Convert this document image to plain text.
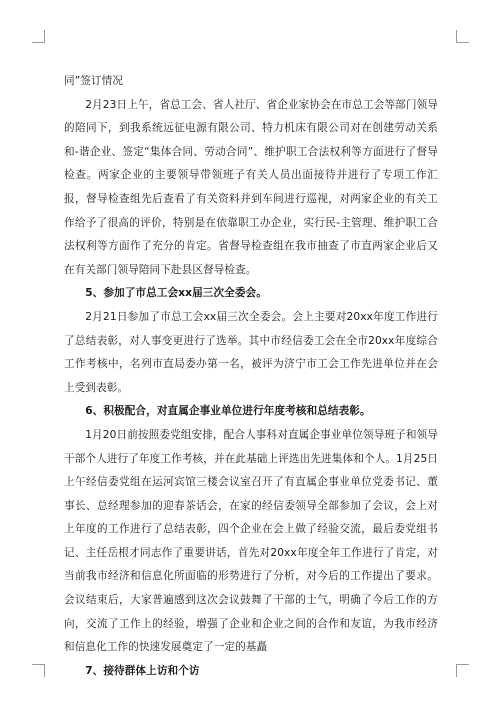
同”签订情况

2月23日上午，省总工会、省人社厅、省企业家协会在市总工会等部门领导的陪同下，到我系统远征电源有限公司、特力机床有限公司对在创建劳动关系和-谐企业、签定“集体合同、劳动合同”、维护职工合法权利等方面进行了督导检查。两家企业的主要领导带领班子有关人员出面接待并进行了专项工作汇报，督导检查组先后查看了有关资料并到车间进行巡视，对两家企业的有关工作给予了很高的评价，特别是在依靠职工办企业，实行民-主管理、维护职工合法权利等方面作了充分的肯定。省督导检查组在我市抽查了市直两家企业后又在有关部门领导陪同下赴县区督导检查。

5、参加了市总工会xx届三次全委会。

2月21日参加了市总工会xx届三次全委会。会上主要对20xx年度工作进行了总结表彰，对人事变更进行了选举。其中市经信委工会在全市20xx年度综合工作考核中，名列市直局委办第一名，被评为济宁市工会工作先进单位并在会上受到表彰。

6、积极配合，对直属企事业单位进行年度考核和总结表彰。

1月20日前按照委党组安排，配合人事科对直属企事业单位领导班子和领导干部个人进行了年度工作考核，并在此基础上评选出先进集体和个人。1月25日上午经信委党组在运河宾馆三楼会议室召开了有直属企事业单位党委书记、董事长、总经理参加的迎春茶话会，在家的经信委领导全部参加了会议，会上对上年度的工作进行了总结表彰，四个企业在会上做了经验交流，最后委党组书记、主任岳根才同志作了重要讲话，首先对20xx年度全年工作进行了肯定，对当前我市经济和信息化所面临的形势进行了分析，对今后的工作提出了要求。会议结束后，大家普遍感到这次会议鼓舞了干部的士气，明确了今后工作的方向，交流了工作上的经验，增强了企业和企业之间的合作和友谊，为我市经济和信息化工作的快速发展奠定了一定的基矗

7、接待群体上访和个访
